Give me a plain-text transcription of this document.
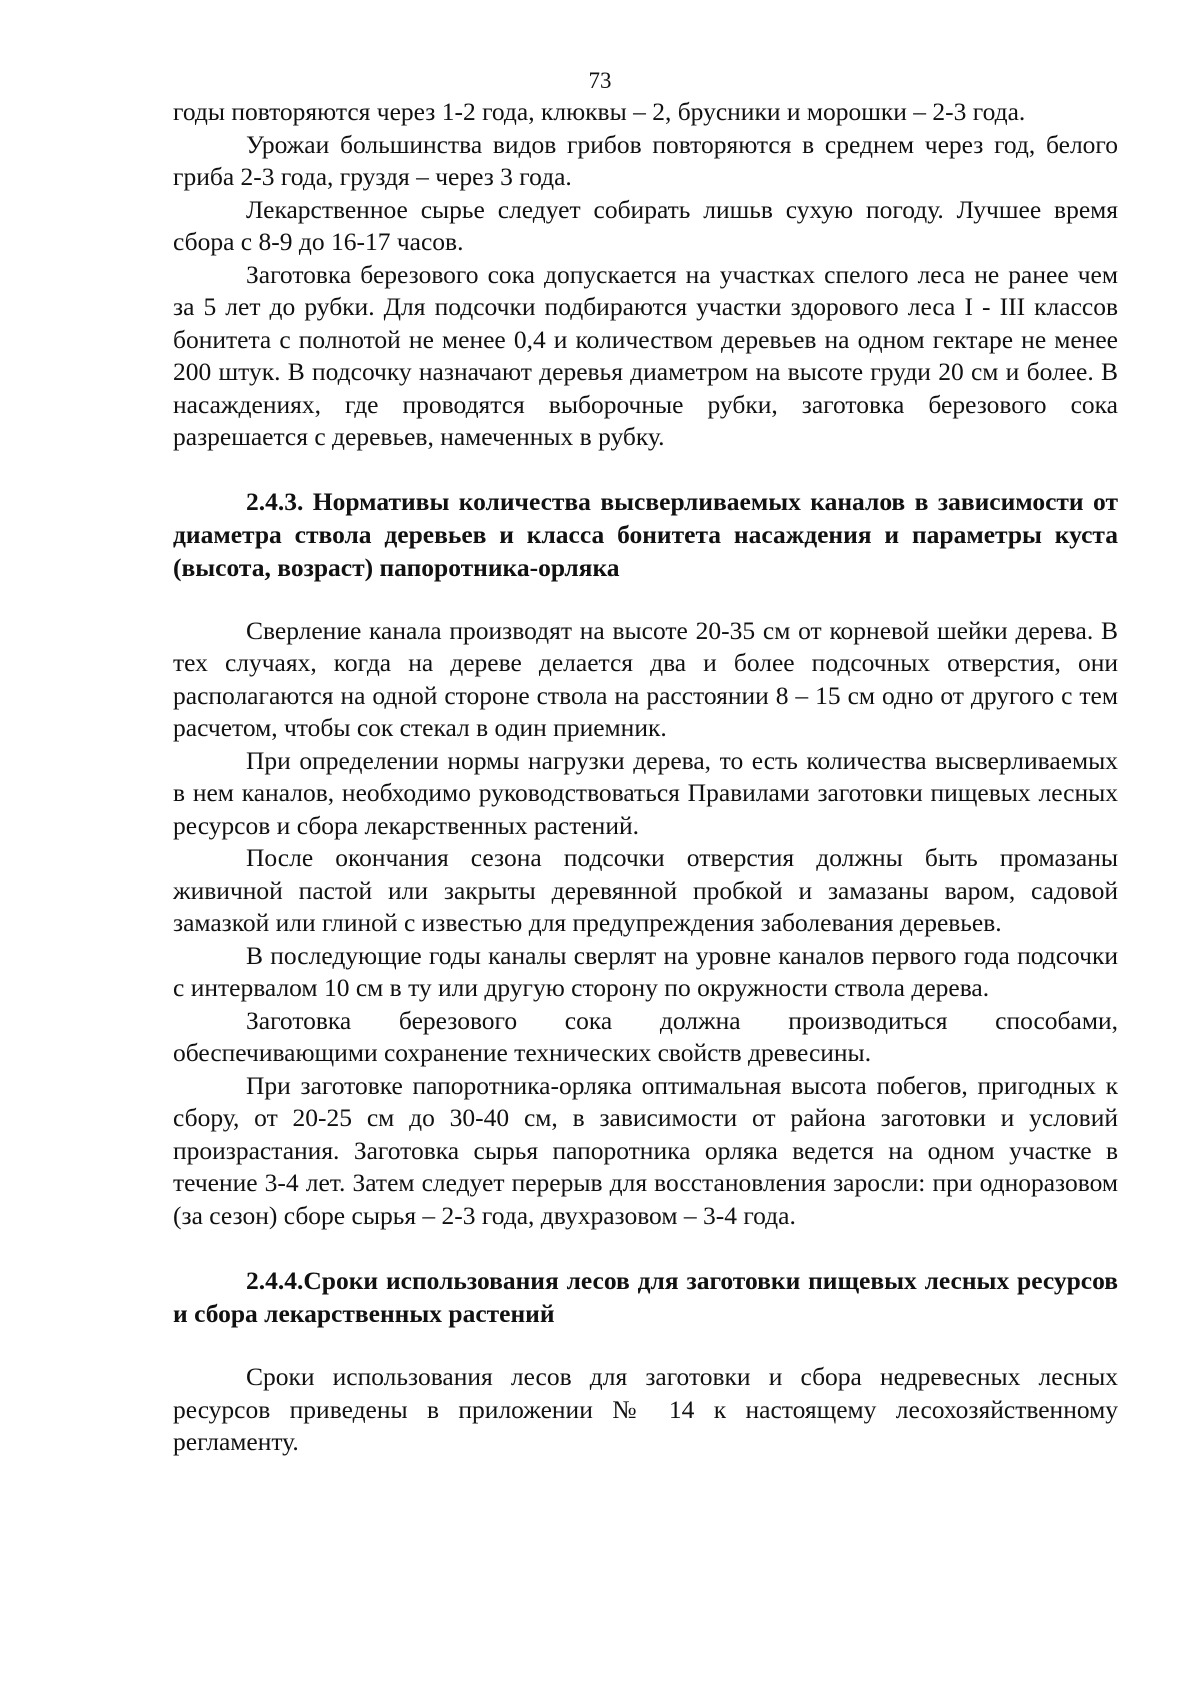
73

годы повторяются через 1-2 года, клюквы – 2, брусники и морошки – 2-3 года.

Урожаи большинства видов грибов повторяются в среднем через год, белого гриба 2-3 года, груздя – через 3 года.

Лекарственное сырье следует собирать лишьв сухую погоду. Лучшее время сбора с 8-9 до 16-17 часов.

Заготовка березового сока допускается на участках спелого леса не ранее чем за 5 лет до рубки. Для подсочки подбираются участки здорового леса I - III классов бонитета с полнотой не менее 0,4 и количеством деревьев на одном гектаре не менее 200 штук. В подсочку назначают деревья диаметром на высоте груди 20 см и более. В насаждениях, где проводятся выборочные рубки, заготовка березового сока разрешается с деревьев, намеченных в рубку.

2.4.3. Нормативы количества высверливаемых каналов в зависимости от диаметра ствола деревьев и класса бонитета насаждения и параметры куста (высота, возраст) папоротника-орляка

Сверление канала производят на высоте 20-35 см от корневой шейки дерева. В тех случаях, когда на дереве делается два и более подсочных отверстия, они располагаются на одной стороне ствола на расстоянии 8 – 15 см одно от другого с тем расчетом, чтобы сок стекал в один приемник.

При определении нормы нагрузки дерева, то есть количества высверливаемых в нем каналов, необходимо руководствоваться Правилами заготовки пищевых лесных ресурсов и сбора лекарственных растений.

После окончания сезона подсочки отверстия должны быть промазаны живичной пастой или закрыты деревянной пробкой и замазаны варом, садовой замазкой или глиной с известью для предупреждения заболевания деревьев.

В последующие годы каналы сверлят на уровне каналов первого года подсочки с интервалом 10 см в ту или другую сторону по окружности ствола дерева.

Заготовка березового сока должна производиться способами, обеспечивающими сохранение технических свойств древесины.

При заготовке папоротника-орляка оптимальная высота побегов, пригодных к сбору, от 20-25 см до 30-40 см, в зависимости от района заготовки и условий произрастания. Заготовка сырья папоротника орляка ведется на одном участке в течение 3-4 лет. Затем следует перерыв для восстановления заросли: при одноразовом (за сезон) сборе сырья – 2-3 года, двухразовом – 3-4 года.

2.4.4.Сроки использования лесов для заготовки пищевых лесных ресурсов и сбора лекарственных растений

Сроки использования лесов для заготовки и сбора недревесных лесных ресурсов приведены в приложении № 14 к настоящему лесохозяйственному регламенту.
